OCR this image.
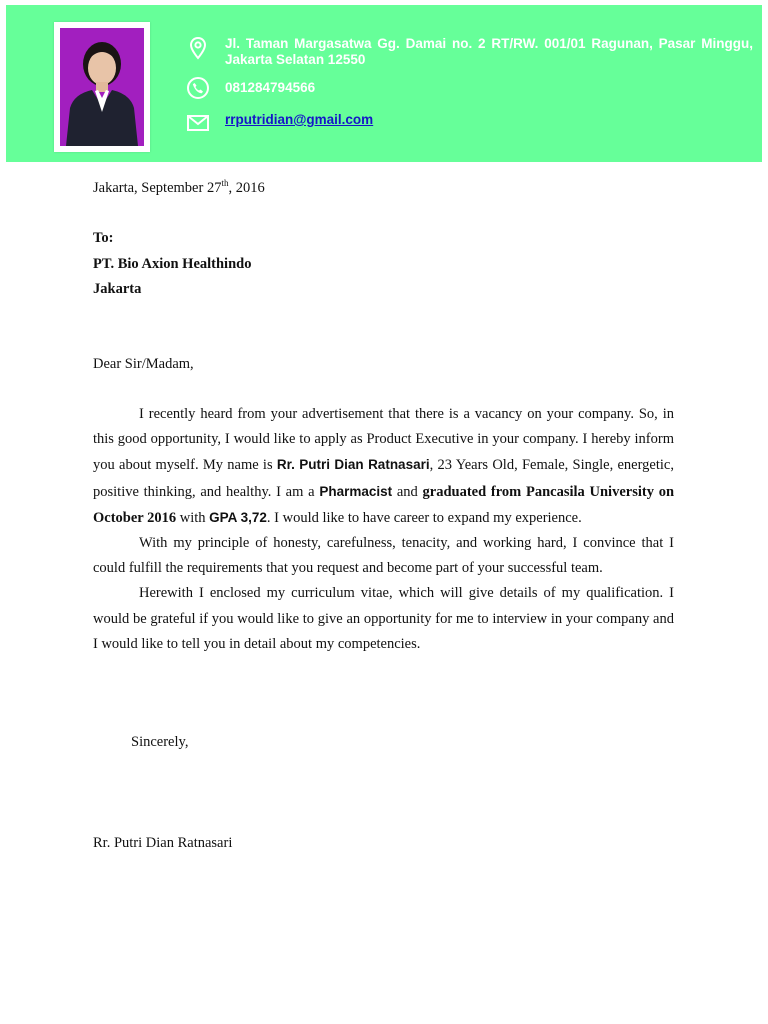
Jl. Taman Margasatwa Gg. Damai no. 2 RT/RW. 001/01 Ragunan, Pasar Minggu, Jakarta Selatan 12550
081284794566
rrputridian@gmail.com
Jakarta, September 27th, 2016
To:
PT. Bio Axion Healthindo
Jakarta
Dear Sir/Madam,

I recently heard from your advertisement that there is a vacancy on your company. So, in this good opportunity, I would like to apply as Product Executive in your company. I hereby inform you about myself. My name is Rr. Putri Dian Ratnasari, 23 Years Old, Female, Single, energetic, positive thinking, and healthy. I am a Pharmacist and graduated from Pancasila University on October 2016 with GPA 3,72. I would like to have career to expand my experience.

With my principle of honesty, carefulness, tenacity, and working hard, I convince that I could fulfill the requirements that you request and become part of your successful team.

Herewith I enclosed my curriculum vitae, which will give details of my qualification. I would be grateful if you would like to give an opportunity for me to interview in your company and I would like to tell you in detail about my competencies.

Sincerely,
Rr. Putri Dian Ratnasari
